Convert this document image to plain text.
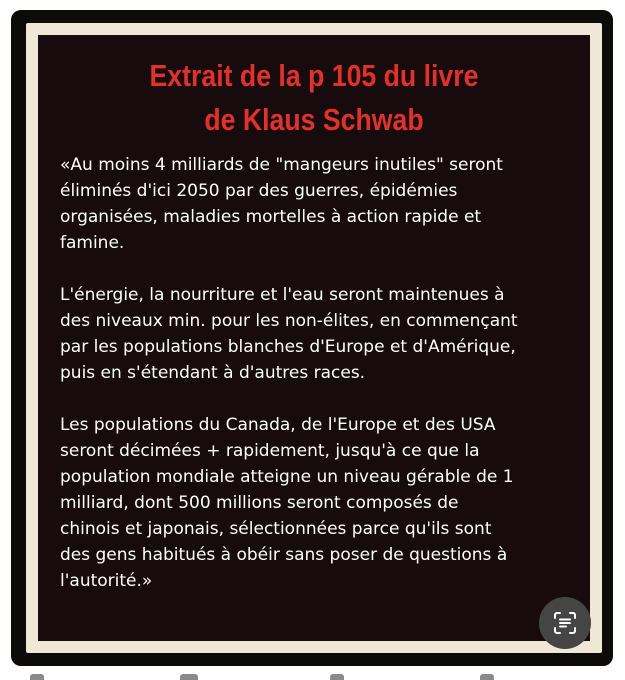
Extrait de la p 105 du livre
de Klaus Schwab

«Au moins 4 milliards de "mangeurs inutiles" seront
éliminés d'ici 2050 par des guerres, épidémies
organisées, maladies mortelles à action rapide et
famine.

L'énergie, la nourriture et l'eau seront maintenues à
des niveaux min. pour les non-élites, en commençant
par les populations blanches d'Europe et d'Amérique,
puis en s'étendant à d'autres races.

Les populations du Canada, de l'Europe et des USA
seront décimées + rapidement, jusqu'à ce que la
population mondiale atteigne un niveau gérable de 1
milliard, dont 500 millions seront composés de
chinois et japonais, sélectionnées parce qu'ils sont
des gens habitués à obéir sans poser de questions à
l'autorité.»
